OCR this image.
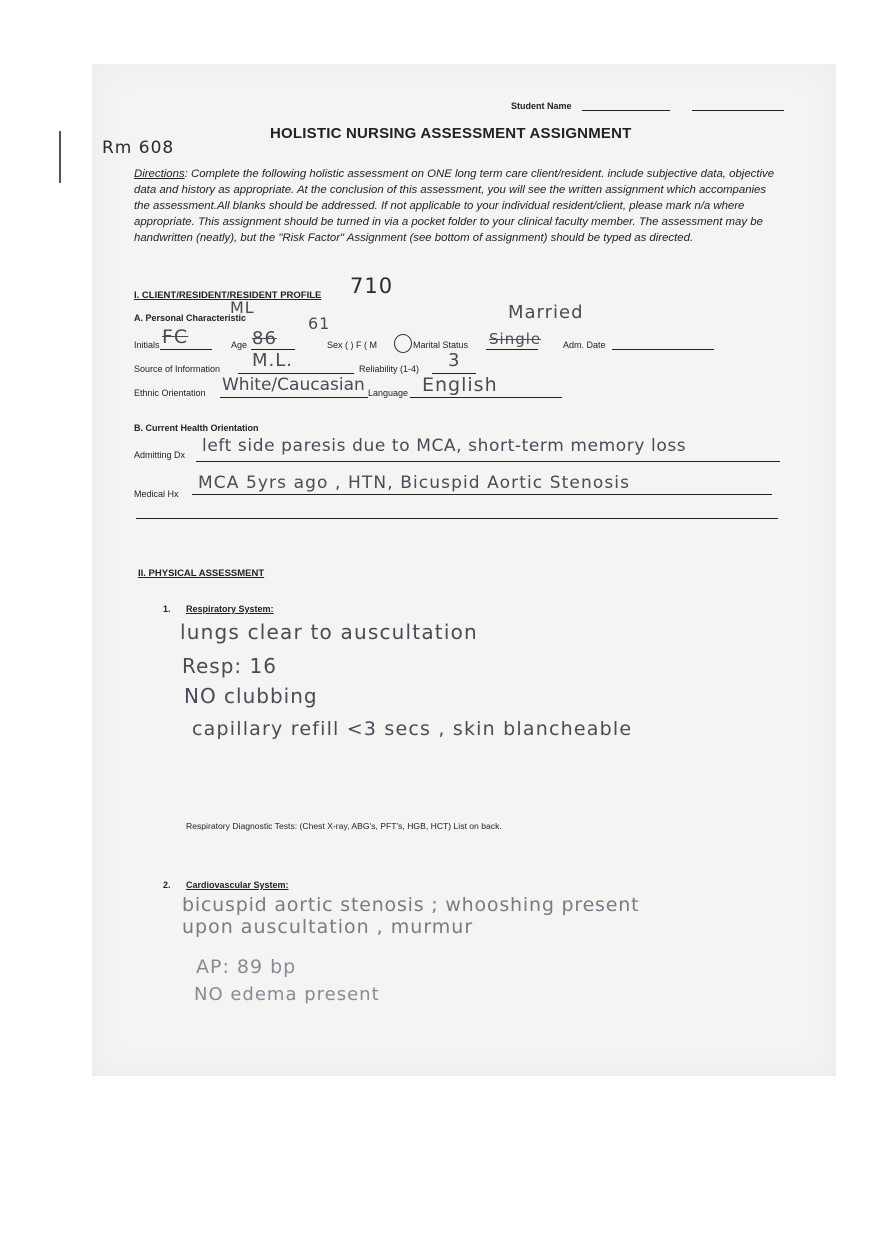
Student Name
Rm 608
HOLISTIC NURSING ASSESSMENT ASSIGNMENT
Directions: Complete the following holistic assessment on ONE long term care client/resident. include subjective data, objective data and history as appropriate. At the conclusion of this assessment, you will see the written assignment which accompanies the assessment.All blanks should be addressed. If not applicable to your individual resident/client, please mark n/a where appropriate. This assignment should be turned in via a pocket folder to your clinical faculty member. The assessment may be handwritten (neatly), but the "Risk Factor" Assignment (see bottom of assignment) should be typed as directed.
I. CLIENT/RESIDENT/RESIDENT PROFILE 710
A. Personal Characteristic	Married
ML
61
Initials FC	Age 86	Sex ( ) F ( M	Marital Status Single Adm. Date
Source of Information M.L.	Reliability (1-4) 3
Ethnic Orientation White/Caucasian Language English
B. Current Health Orientation
Admitting Dx left side paresis due to MCA, short-term memory loss
Medical Hx
MCA 5yrs ago , HTN, Bicuspid Aortic Stenosis
II. PHYSICAL ASSESSMENT
1. Respiratory System:
lungs clear to auscultation
Resp: 16
NO clubbing
capillary refill <3 secs , skin blancheable
Respiratory Diagnostic Tests: (Chest X-ray, ABG's, PFT's, HGB, HCT) List on back.
2. Cardiovascular System:
bicuspid aortic stenosis ; whooshing present
upon auscultation , murmur
AP: 89 bp
NO edema present
